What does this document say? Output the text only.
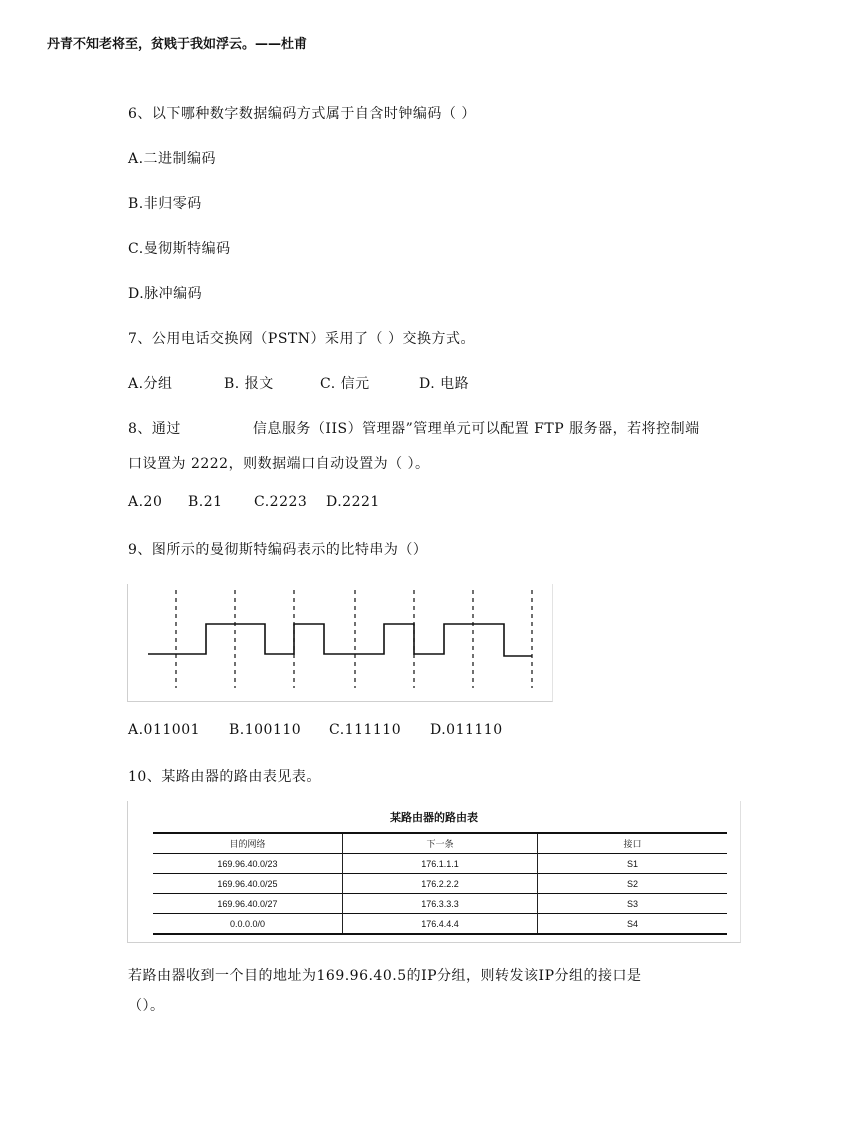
丹青不知老将至，贫贱于我如浮云。——杜甫
6、以下哪种数字数据编码方式属于自含时钟编码（ ）
A.二进制编码
B.非归零码
C.曼彻斯特编码
D.脉冲编码
7、公用电话交换网（PSTN）采用了（ ）交换方式。
A.分组	B. 报文	C. 信元	D. 电路
8、通过	信息服务（IIS）管理器”管理单元可以配置 FTP 服务器，若将控制端
口设置为 2222，则数据端口自动设置为（ ）。
A.20 B.21 C.2223 D.2221
9、图所示的曼彻斯特编码表示的比特串为（）
A.011001 B.100110 C.111110 D.011110
10、某路由器的路由表见表。
某路由器的路由表
目的网络	下一条	接口
169.96.40.0/23	176.1.1.1	S1
169.96.40.0/25	176.2.2.2	S2
169.96.40.0/27	176.3.3.3	S3
0.0.0.0/0	176.4.4.4	S4
若路由器收到一个目的地址为169.96.40.5的IP分组，则转发该IP分组的接口是
（）。
